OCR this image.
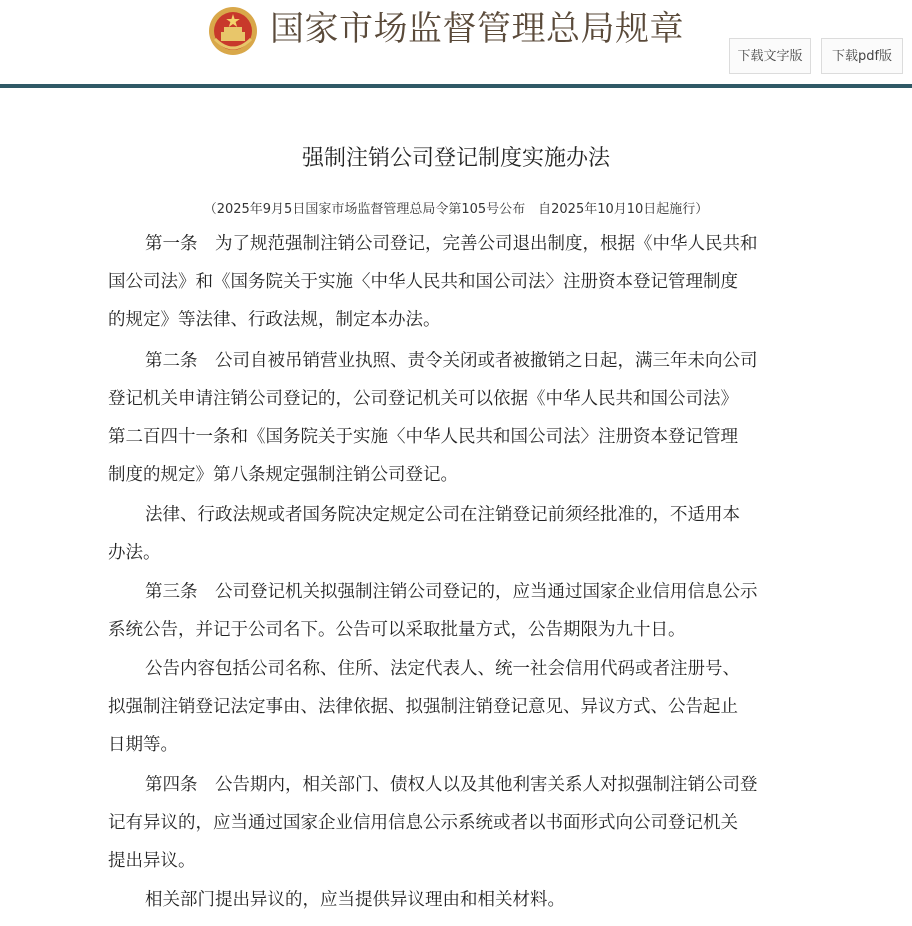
国家市场监督管理总局规章
下载文字版	下载pdf版
强制注销公司登记制度实施办法
（2025年9月5日国家市场监督管理总局令第105号公布　自2025年10月10日起施行）
第一条　为了规范强制注销公司登记，完善公司退出制度，根据《中华人民共和
国公司法》和《国务院关于实施〈中华人民共和国公司法〉注册资本登记管理制度
的规定》等法律、行政法规，制定本办法。
第二条　公司自被吊销营业执照、责令关闭或者被撤销之日起，满三年未向公司
登记机关申请注销公司登记的，公司登记机关可以依据《中华人民共和国公司法》
第二百四十一条和《国务院关于实施〈中华人民共和国公司法〉注册资本登记管理
制度的规定》第八条规定强制注销公司登记。
法律、行政法规或者国务院决定规定公司在注销登记前须经批准的，不适用本
办法。
第三条　公司登记机关拟强制注销公司登记的，应当通过国家企业信用信息公示
系统公告，并记于公司名下。公告可以采取批量方式，公告期限为九十日。
公告内容包括公司名称、住所、法定代表人、统一社会信用代码或者注册号、
拟强制注销登记法定事由、法律依据、拟强制注销登记意见、异议方式、公告起止
日期等。
第四条　公告期内，相关部门、债权人以及其他利害关系人对拟强制注销公司登
记有异议的，应当通过国家企业信用信息公示系统或者以书面形式向公司登记机关
提出异议。
相关部门提出异议的，应当提供异议理由和相关材料。
